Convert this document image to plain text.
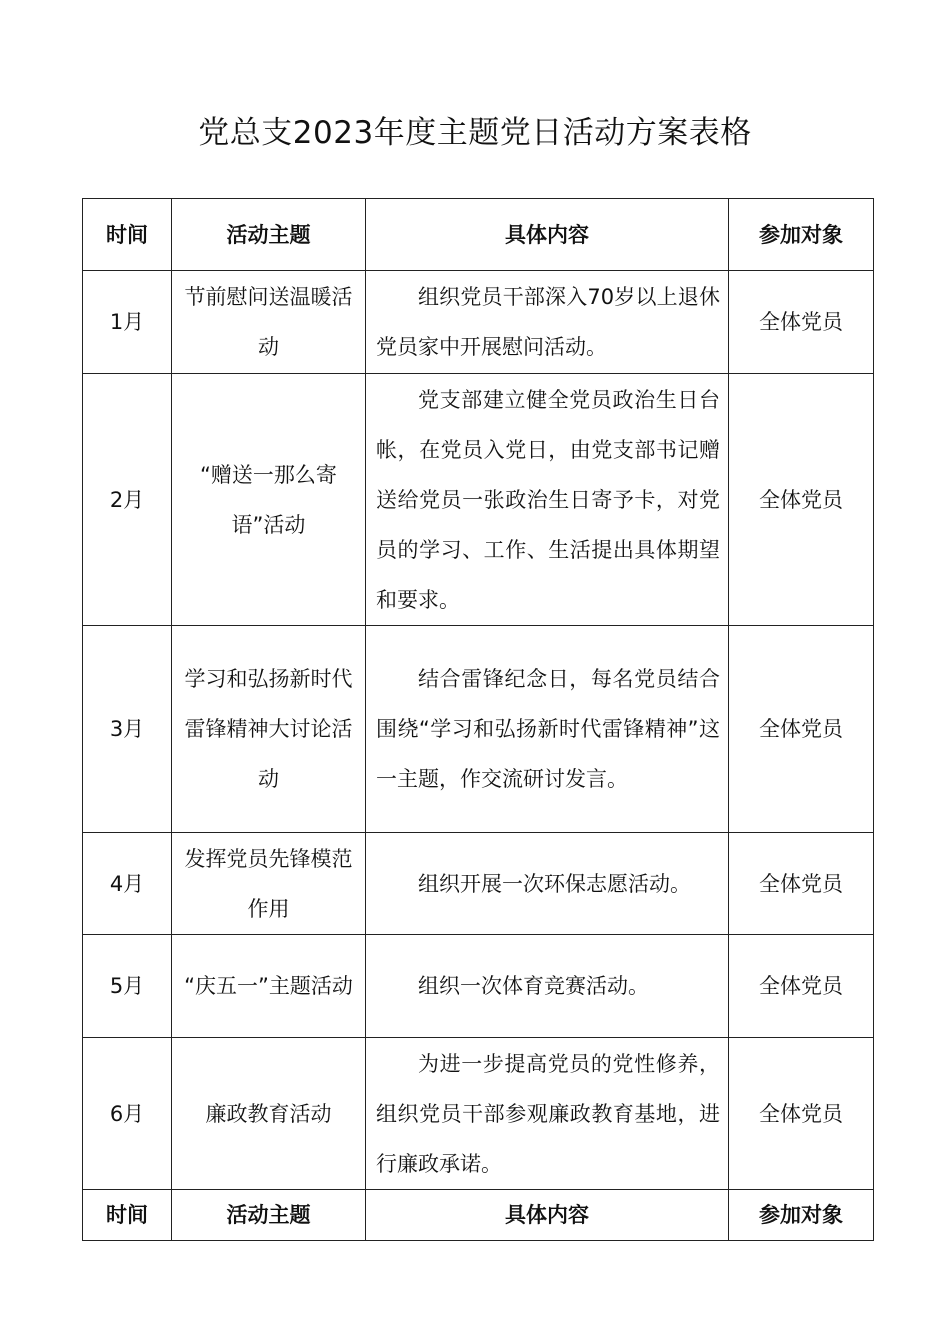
党总支2023年度主题党日活动方案表格
时间	活动主题	具体内容	参加对象
1月	节前慰问送温暖活动	组织党员干部深入70岁以上退休党员家中开展慰问活动。	全体党员
2月	“赠送一那么寄语”活动	党支部建立健全党员政治生日台帐，在党员入党日，由党支部书记赠送给党员一张政治生日寄予卡，对党员的学习、工作、生活提出具体期望和要求。	全体党员
3月	学习和弘扬新时代雷锋精神大讨论活动	结合雷锋纪念日，每名党员结合围绕“学习和弘扬新时代雷锋精神”这一主题，作交流研讨发言。	全体党员
4月	发挥党员先锋模范作用	组织开展一次环保志愿活动。	全体党员
5月	“庆五一”主题活动	组织一次体育竞赛活动。	全体党员
6月	廉政教育活动	为进一步提高党员的党性修养，组织党员干部参观廉政教育基地，进行廉政承诺。	全体党员
时间	活动主题	具体内容	参加对象
